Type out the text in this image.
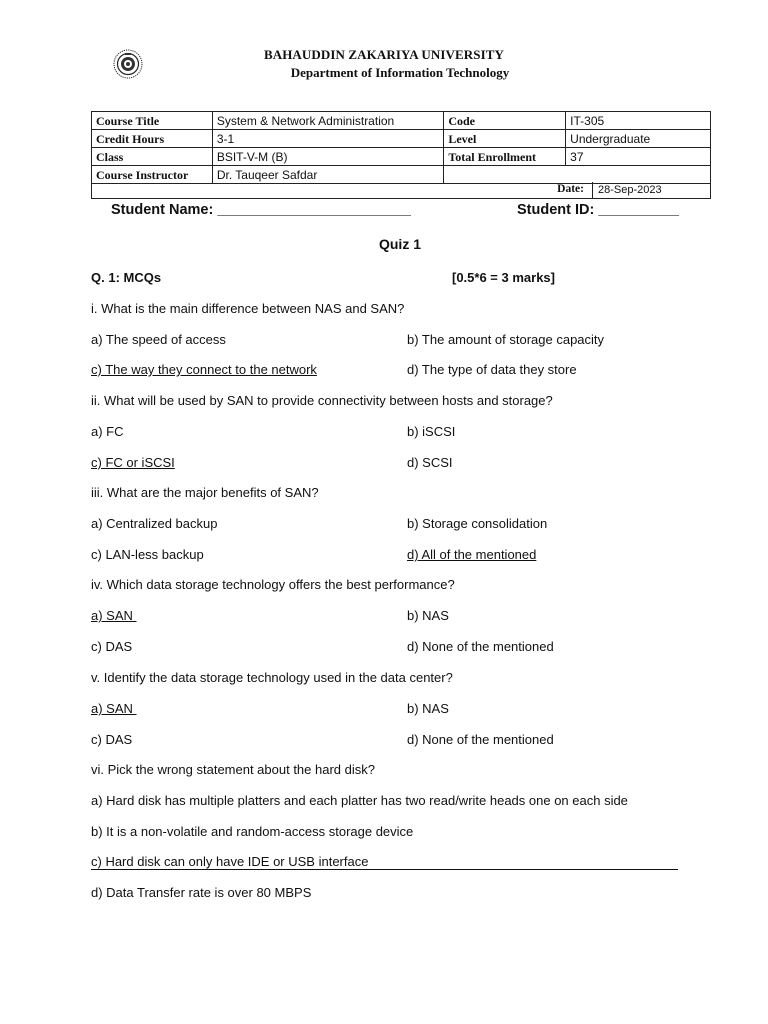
BAHAUDDIN ZAKARIYA UNIVERSITY
Department of Information Technology
Course Title	System & Network Administration	Code	IT-305
Credit Hours	3-1	Level	Undergraduate
Class	BSIT-V-M (B)	Total Enrollment	37
Course Instructor	Dr. Tauqeer Safdar		
Date:	28-Sep-2023
Student Name: ________________________	Student ID: __________
Quiz 1
Q. 1: MCQs	[0.5*6 = 3 marks]
i. What is the main difference between NAS and SAN?
a) The speed of access	b) The amount of storage capacity
c) The way they connect to the network	d) The type of data they store
ii. What will be used by SAN to provide connectivity between hosts and storage?
a) FC	b) iSCSI
c) FC or iSCSI	d) SCSI
iii. What are the major benefits of SAN?
a) Centralized backup	b) Storage consolidation
c) LAN-less backup	d) All of the mentioned
iv. Which data storage technology offers the best performance?
a) SAN	b) NAS
c) DAS	d) None of the mentioned
v. Identify the data storage technology used in the data center?
a) SAN	b) NAS
c) DAS	d) None of the mentioned
vi. Pick the wrong statement about the hard disk?
a) Hard disk has multiple platters and each platter has two read/write heads one on each side
b) It is a non-volatile and random-access storage device
c) Hard disk can only have IDE or USB interface
d) Data Transfer rate is over 80 MBPS
